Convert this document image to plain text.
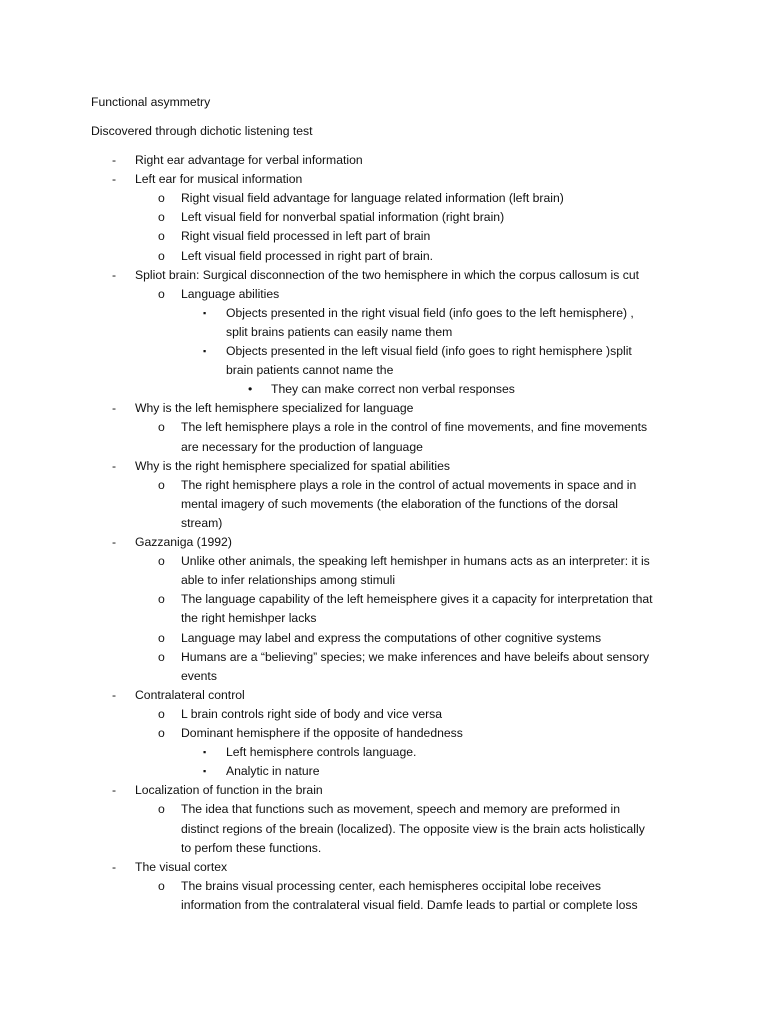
Functional asymmetry
Discovered through dichotic listening test
- Right ear advantage for verbal information
- Left ear for musical information
o Right visual field advantage for language related information (left brain)
o Left visual field for nonverbal spatial information (right brain)
o Right visual field processed in left part of brain
o Left visual field processed in right part of brain.
- Spliot brain: Surgical disconnection of the two hemisphere in which the corpus callosum is cut
o Language abilities
▪ Objects presented in the right visual field (info goes to the left hemisphere) ,
split brains patients can easily name them
▪ Objects presented in the left visual field (info goes to right hemisphere )split
brain patients cannot name the
• They can make correct non verbal responses
- Why is the left hemisphere specialized for language
o The left hemisphere plays a role in the control of fine movements, and fine movements
are necessary for the production of language
- Why is the right hemisphere specialized for spatial abilities
o The right hemisphere plays a role in the control of actual movements in space and in
mental imagery of such movements (the elaboration of the functions of the dorsal
stream)
- Gazzaniga (1992)
o Unlike other animals, the speaking left hemishper in humans acts as an interpreter: it is
able to infer relationships among stimuli
o The language capability of the left hemeisphere gives it a capacity for interpretation that
the right hemishper lacks
o Language may label and express the computations of other cognitive systems
o Humans are a “believing” species; we make inferences and have beleifs about sensory
events
- Contralateral control
o L brain controls right side of body and vice versa
o Dominant hemisphere if the opposite of handedness
▪ Left hemisphere controls language.
▪ Analytic in nature
- Localization of function in the brain
o The idea that functions such as movement, speech and memory are preformed in
distinct regions of the breain (localized). The opposite view is the brain acts holistically
to perfom these functions.
- The visual cortex
o The brains visual processing center, each hemispheres occipital lobe receives
information from the contralateral visual field. Damfe leads to partial or complete loss
